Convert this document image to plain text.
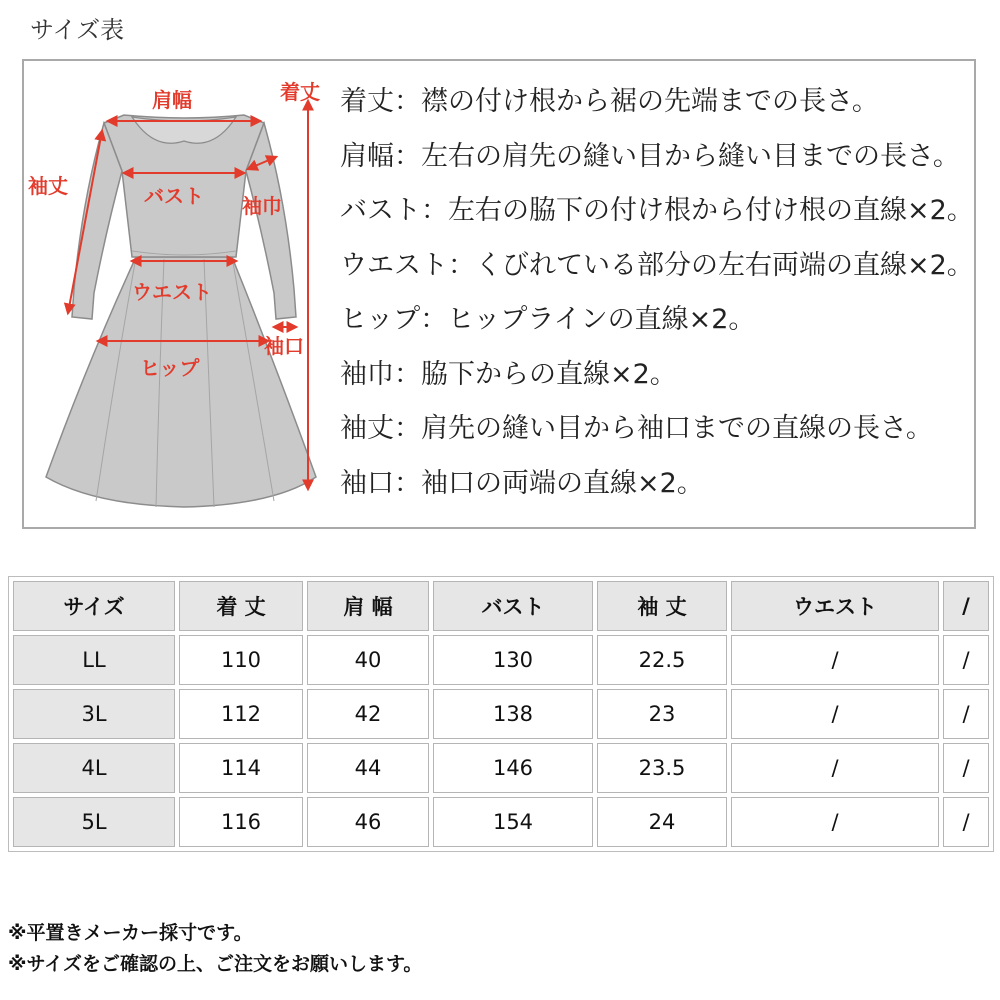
サイズ表
肩幅	着丈
袖丈	バスト 袖巾
ウエスト
袖口
ヒップ
着丈：襟の付け根から裾の先端までの長さ。
肩幅：左右の肩先の縫い目から縫い目までの長さ。
バスト：左右の脇下の付け根から付け根の直線×2。
ウエスト：くびれている部分の左右両端の直線×2。
ヒップ：ヒップラインの直線×2。
袖巾：脇下からの直線×2。
袖丈：肩先の縫い目から袖口までの直線の長さ。
袖口：袖口の両端の直線×2。
サイズ	着 丈	肩 幅	バスト	袖 丈	ウエスト	/
LL	110	40	130	22.5	/	/
3L	112	42	138	23	/	/
4L	114	44	146	23.5	/	/
5L	116	46	154	24	/	/
※平置きメーカー採寸です。
※サイズをご確認の上、ご注文をお願いします。
